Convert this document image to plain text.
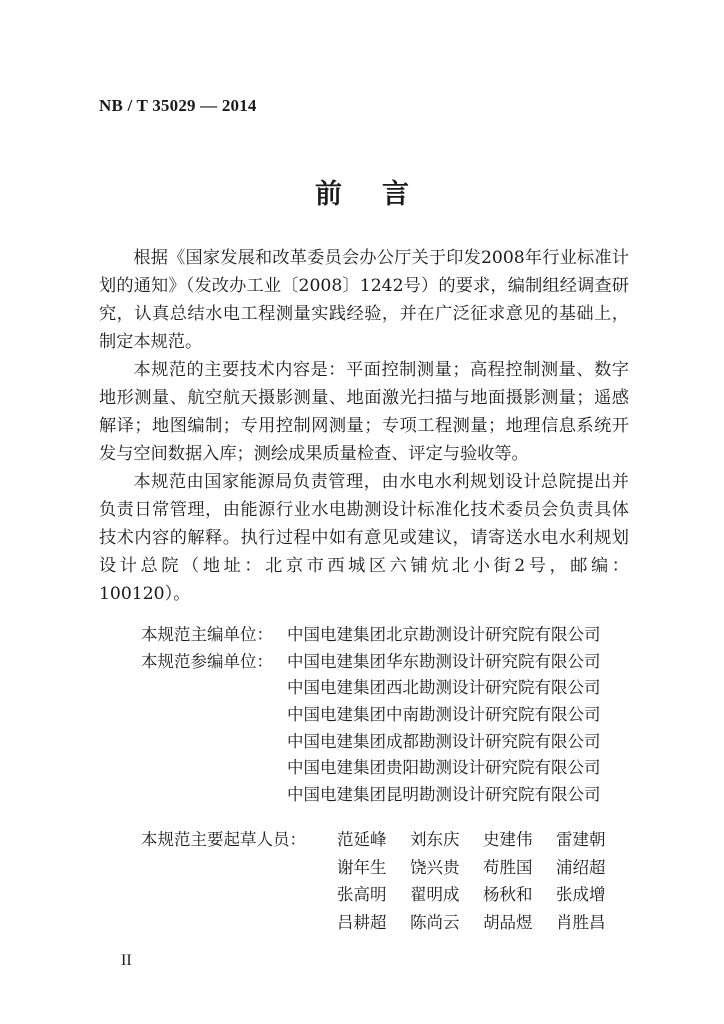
NB / T 35029 — 2014
前言

根据《国家发展和改革委员会办公厅关于印发2008年行业标准计划的通知》（发改办工业〔2008〕1242号）的要求，编制组经调查研究，认真总结水电工程测量实践经验，并在广泛征求意见的基础上，制定本规范。

本规范的主要技术内容是：平面控制测量；高程控制测量、数字地形测量、航空航天摄影测量、地面激光扫描与地面摄影测量；遥感解译；地图编制；专用控制网测量；专项工程测量；地理信息系统开发与空间数据入库；测绘成果质量检查、评定与验收等。

本规范由国家能源局负责管理，由水电水利规划设计总院提出并负责日常管理，由能源行业水电勘测设计标准化技术委员会负责具体技术内容的解释。执行过程中如有意见或建议，请寄送水电水利规划设计总院（地址：北京市西城区六铺炕北小街2号，邮编：100120）。

本规范主编单位： 中国电建集团北京勘测设计研究院有限公司
本规范参编单位： 中国电建集团华东勘测设计研究院有限公司
中国电建集团西北勘测设计研究院有限公司
中国电建集团中南勘测设计研究院有限公司
中国电建集团成都勘测设计研究院有限公司
中国电建集团贵阳勘测设计研究院有限公司
中国电建集团昆明勘测设计研究院有限公司
本规范主要起草人员：	范延峰	刘东庆	史建伟	雷建朝
谢年生	饶兴贵	苟胜国	浦绍超
张高明	翟明成	杨秋和	张成增
吕耕超	陈尚云	胡品煜	肖胜昌
II
